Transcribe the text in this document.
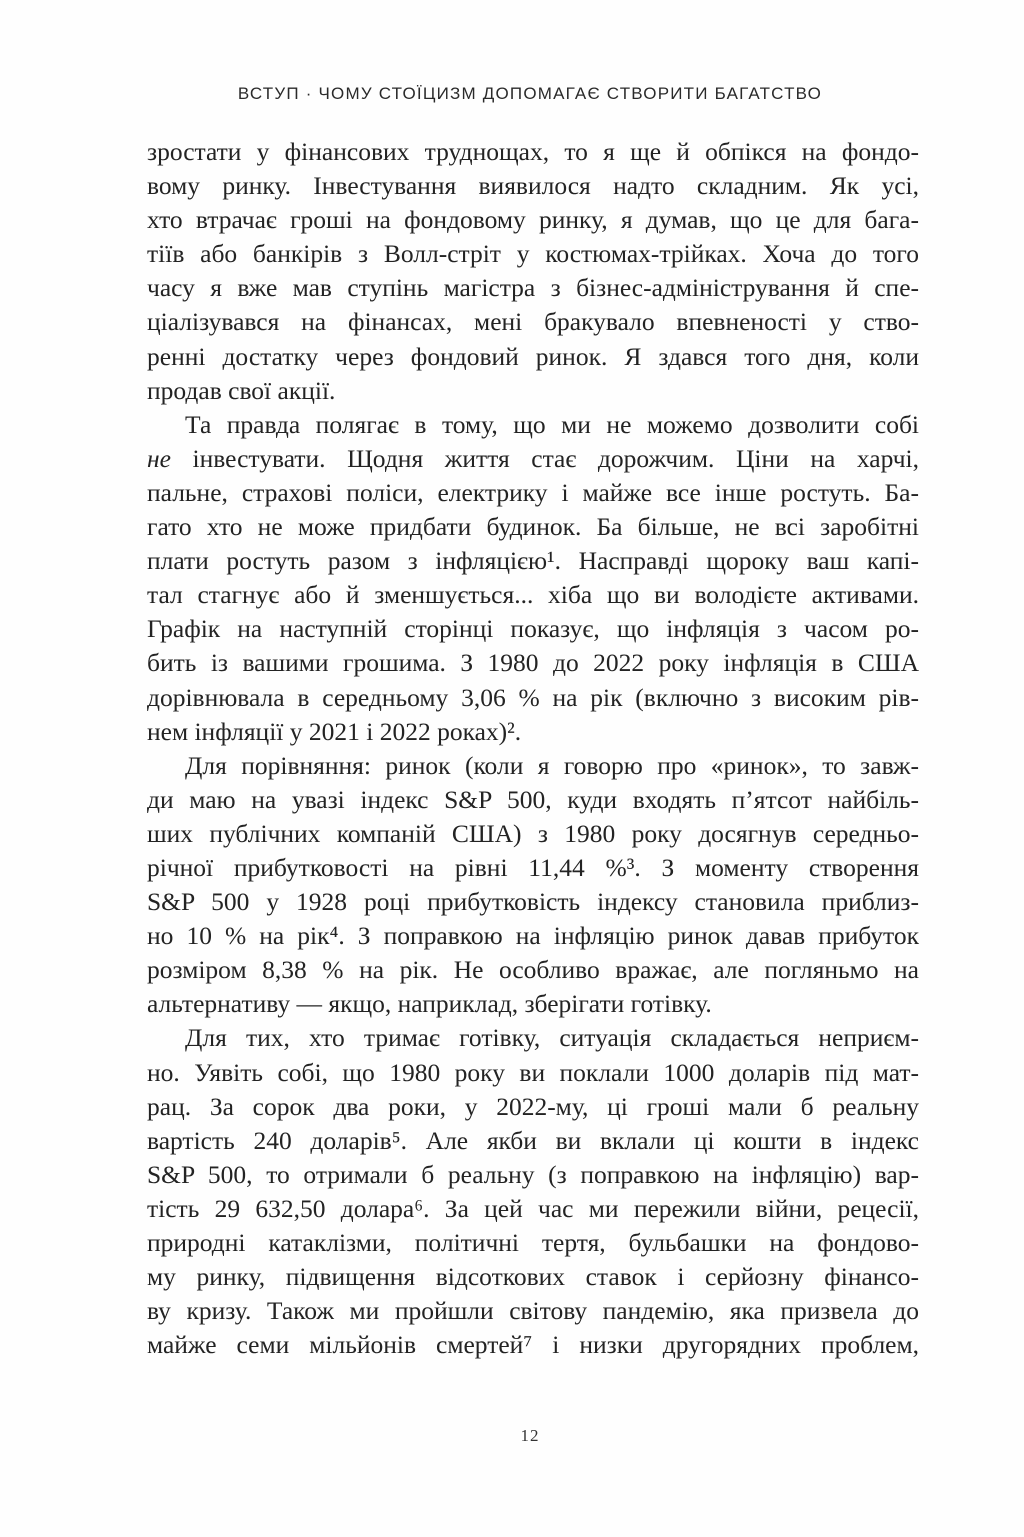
ВСТУП · ЧОМУ СТОЇЦИЗМ ДОПОМАГАЄ СТВОРИТИ БАГАТСТВО
зростати у фінансових труднощах, то я ще й обпікся на фондо-
вому ринку. Інвестування виявилося надто складним. Як усі,
хто втрачає гроші на фондовому ринку, я думав, що це для бага-
тіїв або банкірів з Волл-стріт у костюмах-трійках. Хоча до того
часу я вже мав ступінь магістра з бізнес-адміністрування й спе-
ціалізувався на фінансах, мені бракувало впевненості у ство-
ренні достатку через фондовий ринок. Я здався того дня, коли
продав свої акції.
Та правда полягає в тому, що ми не можемо дозволити собі
не інвестувати. Щодня життя стає дорожчим. Ціни на харчі,
пальне, страхові поліси, електрику і майже все інше ростуть. Ба-
гато хто не може придбати будинок. Ба більше, не всі заробітні
плати ростуть разом з інфляцією¹. Насправді щороку ваш капі-
тал стагнує або й зменшується... хіба що ви володієте активами.
Графік на наступній сторінці показує, що інфляція з часом ро-
бить із вашими грошима. З 1980 до 2022 року інфляція в США
дорівнювала в середньому 3,06 % на рік (включно з високим рів-
нем інфляції у 2021 і 2022 роках)².
Для порівняння: ринок (коли я говорю про «ринок», то завж-
ди маю на увазі індекс S&P 500, куди входять п’ятсот найбіль-
ших публічних компаній США) з 1980 року досягнув середньо-
річної прибутковості на рівні 11,44 %³. З моменту створення
S&P 500 у 1928 році прибутковість індексу становила приблиз-
но 10 % на рік⁴. З поправкою на інфляцію ринок давав прибуток
розміром 8,38 % на рік. Не особливо вражає, але погляньмо на
альтернативу — якщо, наприклад, зберігати готівку.
Для тих, хто тримає готівку, ситуація складається неприєм-
но. Уявіть собі, що 1980 року ви поклали 1000 доларів під мат-
рац. За сорок два роки, у 2022-му, ці гроші мали б реальну
вартість 240 доларів⁵. Але якби ви вклали ці кошти в індекс
S&P 500, то отримали б реальну (з поправкою на інфляцію) вар-
тість 29 632,50 долара⁶. За цей час ми пережили війни, рецесії,
природні катаклізми, політичні тертя, бульбашки на фондово-
му ринку, підвищення відсоткових ставок і серйозну фінансо-
ву кризу. Також ми пройшли світову пандемію, яка призвела до
майже семи мільйонів смертей⁷ і низки другорядних проблем,
12
